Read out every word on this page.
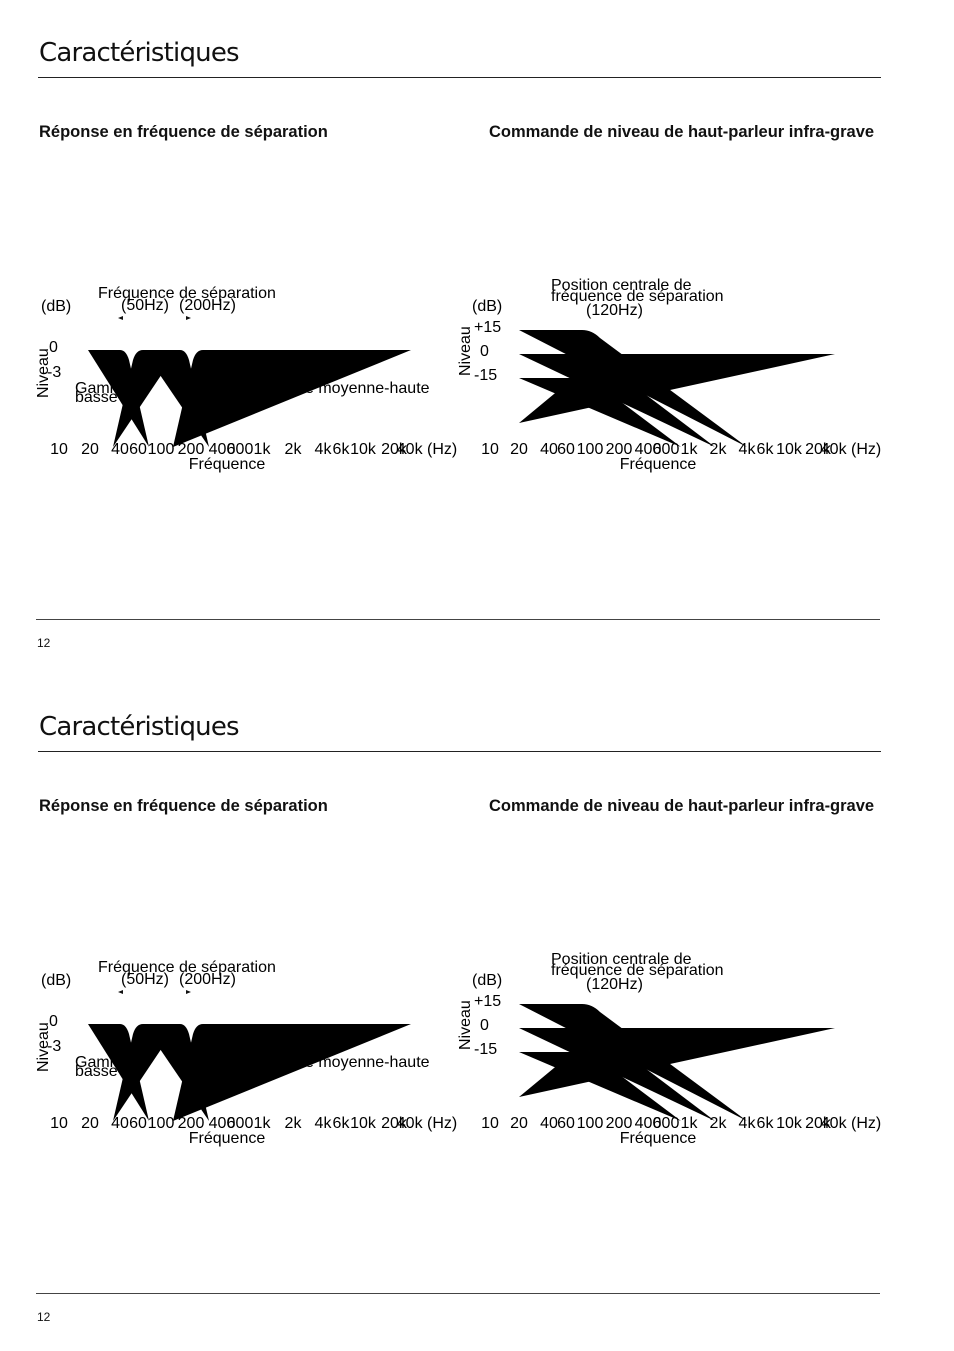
Caractéristiques
Réponse en fréquence de séparation	Commande de niveau de haut-parleur infra-grave
12
Caractéristiques
Réponse en fréquence de séparation	Commande de niveau de haut-parleur infra-grave
12
